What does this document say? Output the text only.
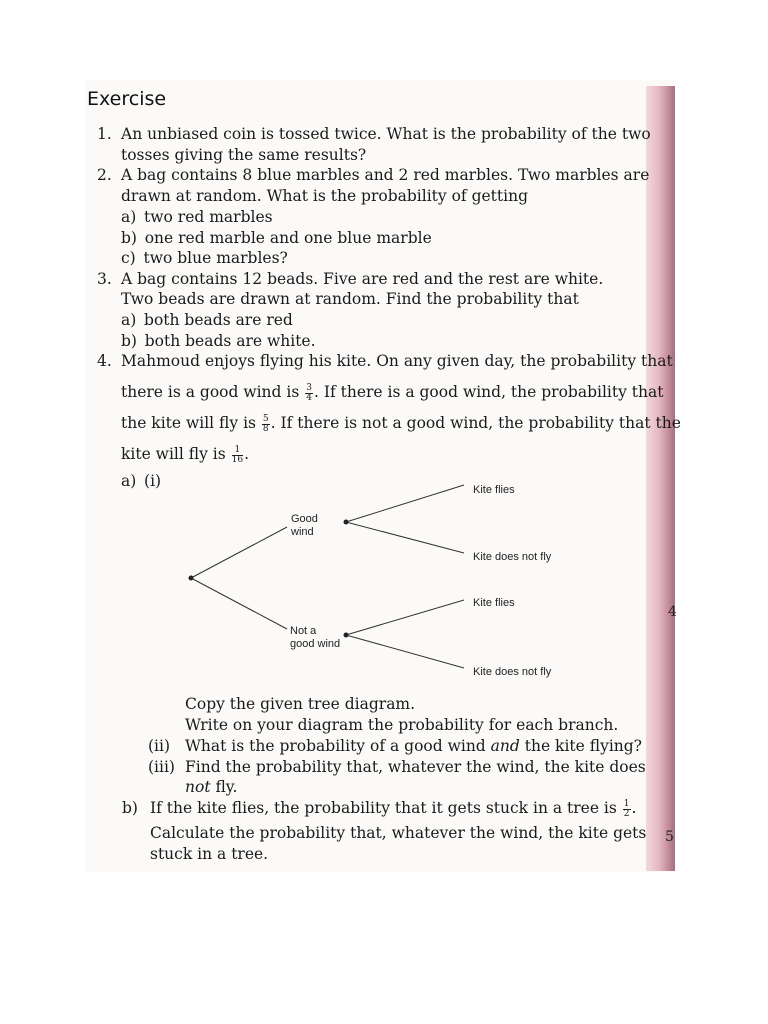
4
5
Exercise
1. An unbiased coin is tossed twice. What is the probability of the two
tosses giving the same results?
2. A bag contains 8 blue marbles and 2 red marbles. Two marbles are
drawn at random. What is the probability of getting
a) two red marbles
b) one red marble and one blue marble
c) two blue marbles?
3. A bag contains 12 beads. Five are red and the rest are white.
Two beads are drawn at random. Find the probability that
a) both beads are red
b) both beads are white.
4. Mahmoud enjoys flying his kite. On any given day, the probability that
there is a good wind is $\frac{3}{4}$ . If there is a good wind, the probability that
the kite will fly is $\frac{5}{8}$ . If there is not a good wind, the probability that the
kite will fly is $\frac{1}{16}$ .
a) (i)
Good
wind
Not a
good wind
Kite flies
Kite does not fly
Kite flies
Kite does not fly
Copy the given tree diagram.
Write on your diagram the probability for each branch.
(ii) What is the probability of a good wind and the kite flying?
(iii) Find the probability that, whatever the wind, the kite does
not fly.
b) If the kite flies, the probability that it gets stuck in a tree is $\frac{1}{2}$ .
Calculate the probability that, whatever the wind, the kite gets
stuck in a tree.
